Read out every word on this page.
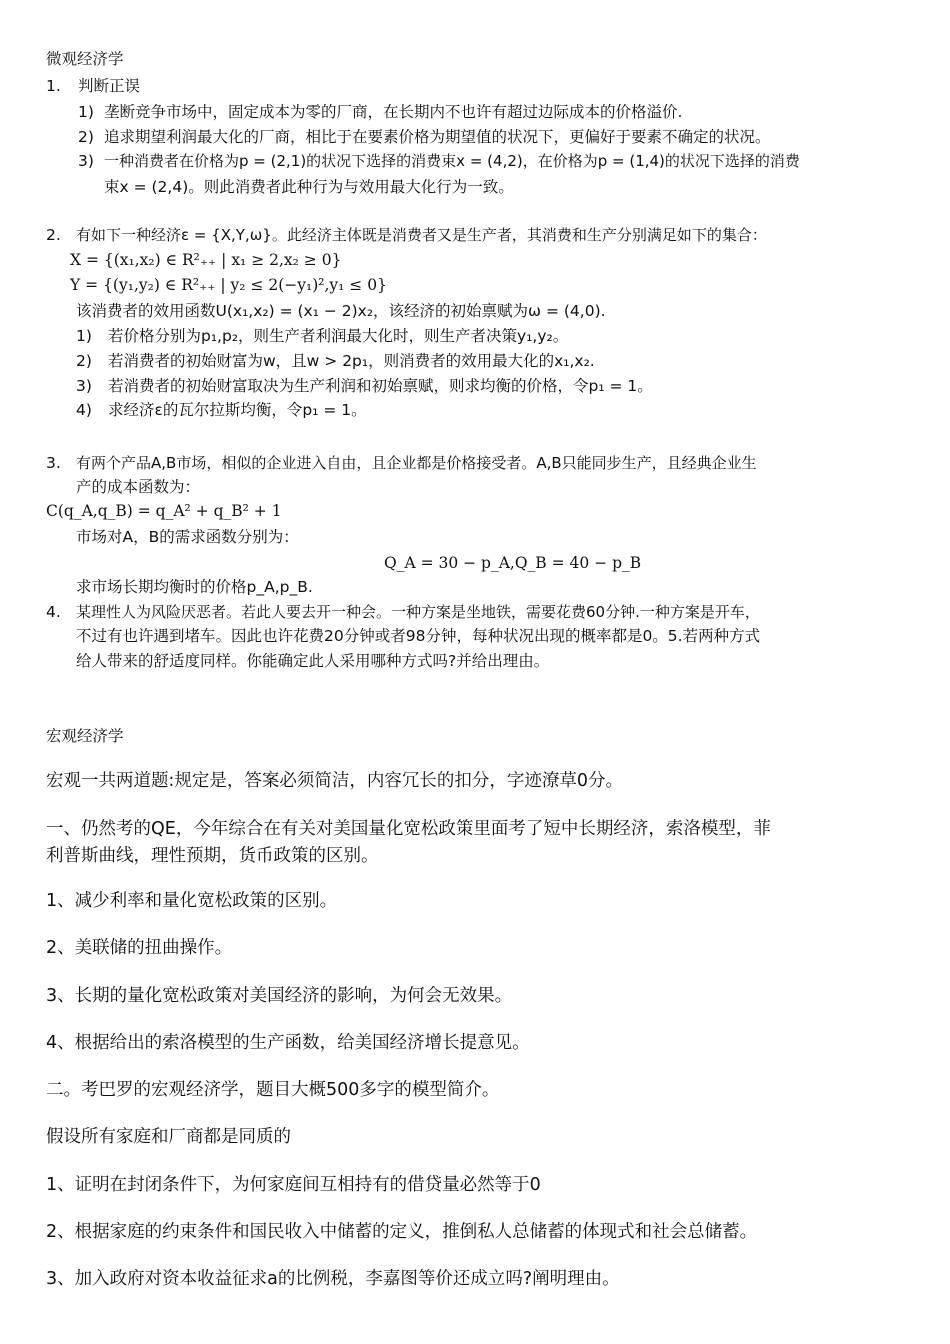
微观经济学
1. 判断正误
1) 垄断竞争市场中，固定成本为零的厂商，在长期内不也许有超过边际成本的价格溢价.
2) 追求期望利润最大化的厂商，相比于在要素价格为期望值的状况下，更偏好于要素不确定的状况。
3) 一种消费者在价格为p = (2,1)的状况下选择的消费束x = (4,2)，在价格为p = (1,4)的状况下选择的消费
束x = (2,4)。则此消费者此种行为与效用最大化行为一致。
2. 有如下一种经济ε = {X,Y,ω}。此经济主体既是消费者又是生产者，其消费和生产分别满足如下的集合：
X = {(x₁,x₂) ∈ R²₊₊ | x₁ ≥ 2,x₂ ≥ 0}
Y = {(y₁,y₂) ∈ R²₊₊ | y₂ ≤ 2(−y₁)²,y₁ ≤ 0}
该消费者的效用函数U(x₁,x₂) = (x₁ − 2)x₂，该经济的初始禀赋为ω = (4,0).
1) 若价格分别为p₁,p₂，则生产者利润最大化时，则生产者决策y₁,y₂。
2) 若消费者的初始财富为w，且w > 2p₁，则消费者的效用最大化的x₁,x₂.
3) 若消费者的初始财富取决为生产利润和初始禀赋，则求均衡的价格，令p₁ = 1。
4) 求经济ε的瓦尔拉斯均衡，令p₁ = 1。
3. 有两个产品A,B市场，相似的企业进入自由，且企业都是价格接受者。A,B只能同步生产，且经典企业生
产的成本函数为：
C(q_A,q_B) = q_A² + q_B² + 1
市场对A，B的需求函数分别为：
Q_A = 30 − p_A,Q_B = 40 − p_B
求市场长期均衡时的价格p_A,p_B.
4. 某理性人为风险厌恶者。若此人要去开一种会。一种方案是坐地铁，需要花费60分钟.一种方案是开车，
不过有也许遇到堵车。因此也许花费20分钟或者98分钟，每种状况出现的概率都是0。5.若两种方式
给人带来的舒适度同样。你能确定此人采用哪种方式吗?并给出理由。
宏观经济学
宏观一共两道题:规定是，答案必须简洁，内容冗长的扣分，字迹潦草0分。
一、仍然考的QE，今年综合在有关对美国量化宽松政策里面考了短中长期经济，索洛模型，菲
利普斯曲线，理性预期，货币政策的区别。
1、减少利率和量化宽松政策的区别。
2、美联储的扭曲操作。
3、长期的量化宽松政策对美国经济的影响，为何会无效果。
4、根据给出的索洛模型的生产函数，给美国经济增长提意见。
二。考巴罗的宏观经济学，题目大概500多字的模型简介。
假设所有家庭和厂商都是同质的
1、证明在封闭条件下，为何家庭间互相持有的借贷量必然等于0
2、根据家庭的约束条件和国民收入中储蓄的定义，推倒私人总储蓄的体现式和社会总储蓄。
3、加入政府对资本收益征求a的比例税，李嘉图等价还成立吗?阐明理由。
